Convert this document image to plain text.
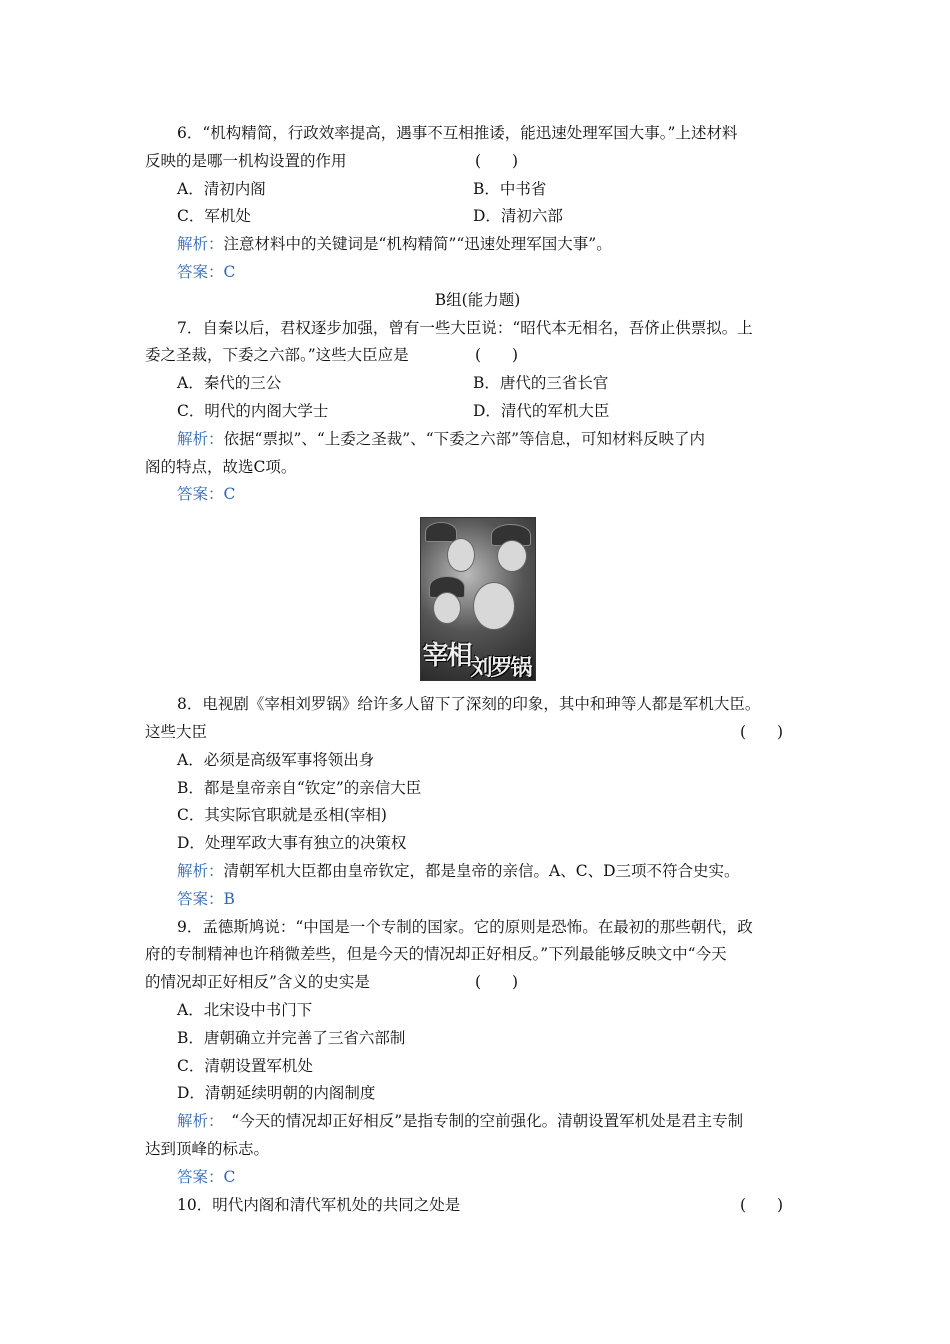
6．“机构精简，行政效率提高，遇事不互相推诿，能迅速处理军国大事。”上述材料
反映的是哪一机构设置的作用	(　　)
A．清初内阁	B．中书省
C．军机处	D．清初六部
解析：注意材料中的关键词是“机构精简”“迅速处理军国大事”。
答案：C
B组(能力题)
7．自秦以后，君权逐步加强，曾有一些大臣说：“昭代本无相名，吾侪止供票拟。上
委之圣裁，下委之六部。”这些大臣应是	(　　)
A．秦代的三公	B．唐代的三省长官
C．明代的内阁大学士	D．清代的军机大臣
解析：依据“票拟”、“上委之圣裁”、“下委之六部”等信息，可知材料反映了内
阁的特点，故选C项。
答案：C
宰相 刘罗锅
8．电视剧《宰相刘罗锅》给许多人留下了深刻的印象，其中和珅等人都是军机大臣。
这些大臣	(　　)
A．必须是高级军事将领出身
B．都是皇帝亲自“钦定”的亲信大臣
C．其实际官职就是丞相(宰相)
D．处理军政大事有独立的决策权
解析：清朝军机大臣都由皇帝钦定，都是皇帝的亲信。A、C、D三项不符合史实。
答案：B
9．孟德斯鸠说：“中国是一个专制的国家。它的原则是恐怖。在最初的那些朝代，政
府的专制精神也许稍微差些，但是今天的情况却正好相反。”下列最能够反映文中“今天
的情况却正好相反”含义的史实是	(　　)
A．北宋设中书门下
B．唐朝确立并完善了三省六部制
C．清朝设置军机处
D．清朝延续明朝的内阁制度
解析：　“今天的情况却正好相反”是指专制的空前强化。清朝设置军机处是君主专制
达到顶峰的标志。
答案：C
10．明代内阁和清代军机处的共同之处是	(　　)
